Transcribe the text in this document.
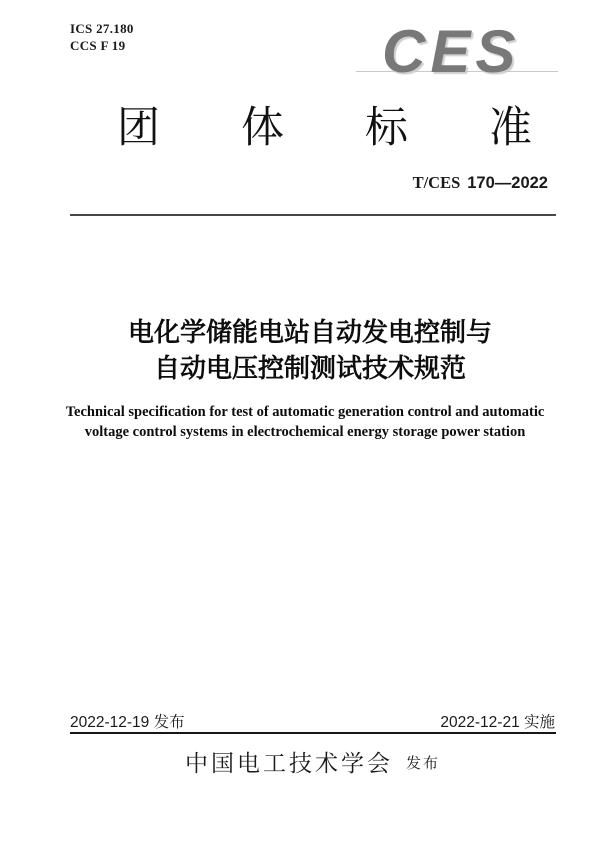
ICS 27.180
CCS F 19	CES
团 体 标 准
T/CES 170—2022
电化学储能电站自动发电控制与
自动电压控制测试技术规范
Technical specification for test of automatic generation control and automatic
voltage control systems in electrochemical energy storage power station
2022-12-19 发布	2022-12-21 实施
中国电工技术学会 发布
